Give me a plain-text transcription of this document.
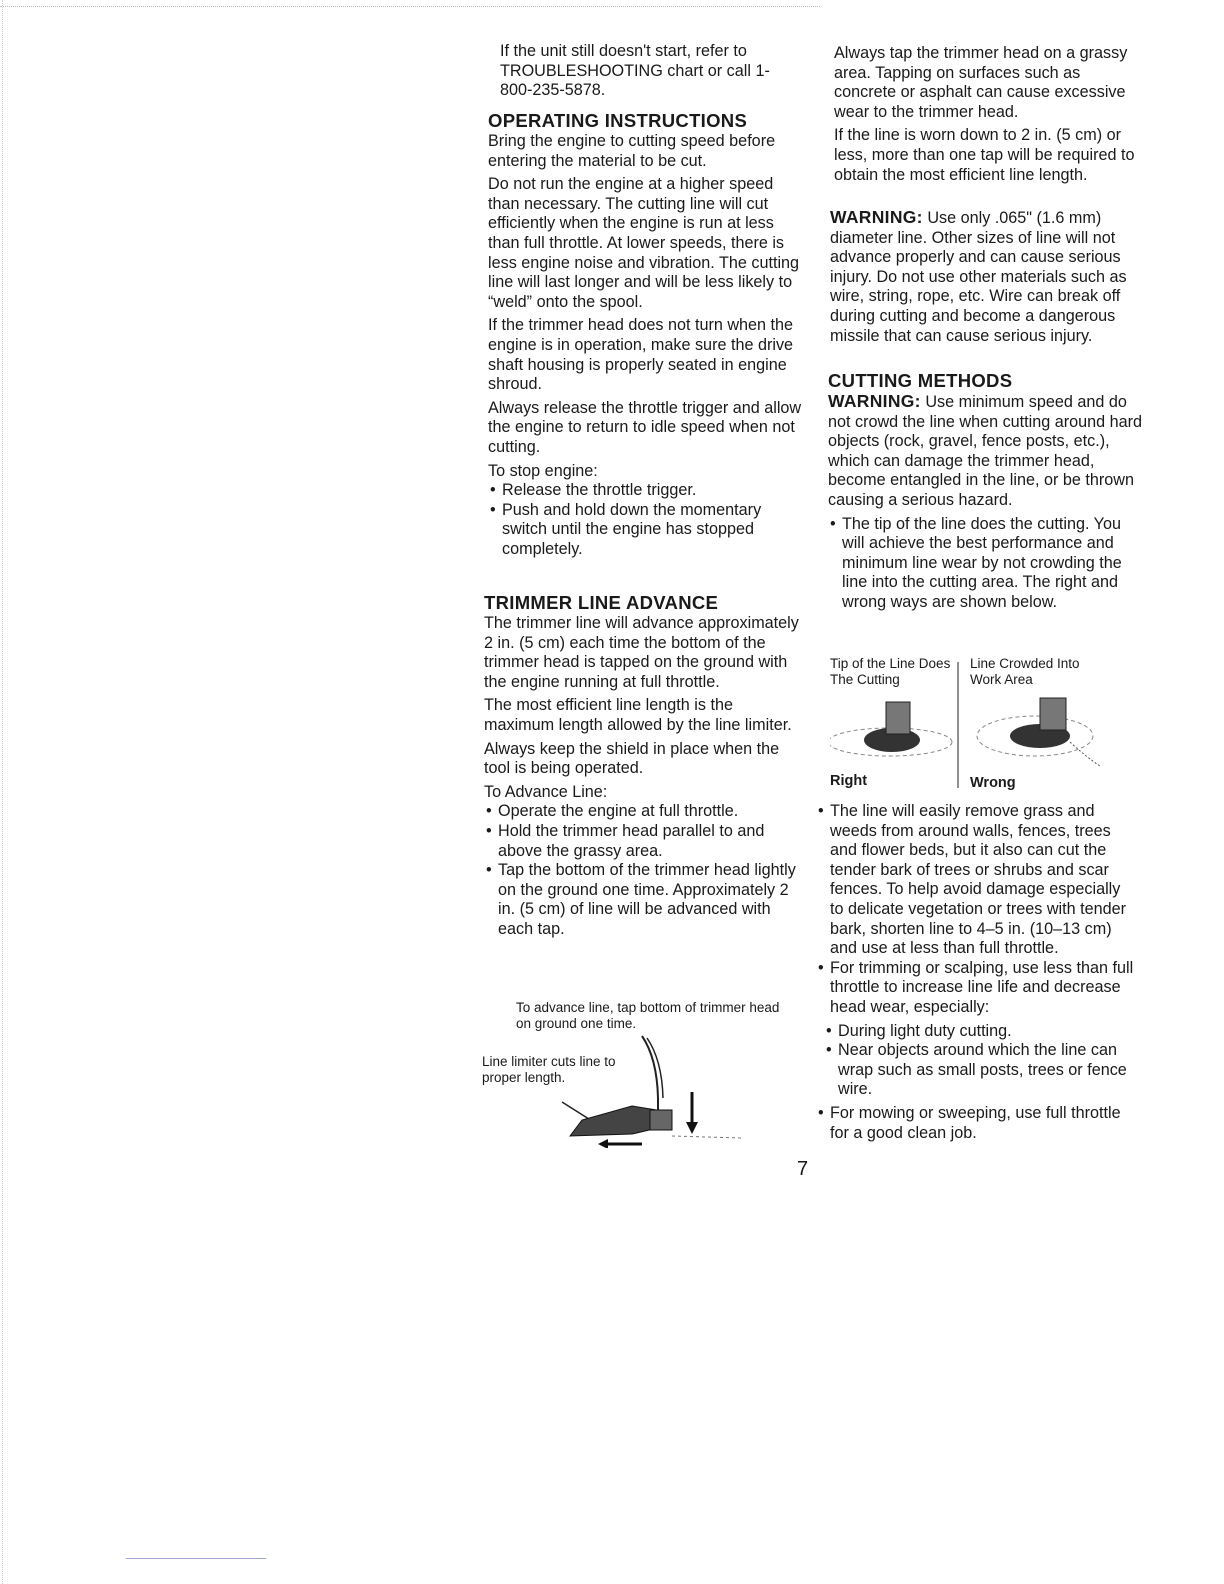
If the unit still doesn't start, refer to TROUBLESHOOTING chart or call 1-800-235-5878.

OPERATING INSTRUCTIONS

Bring the engine to cutting speed before entering the material to be cut.

Do not run the engine at a higher speed than necessary. The cutting line will cut efficiently when the engine is run at less than full throttle. At lower speeds, there is less engine noise and vibration. The cutting line will last longer and will be less likely to “weld” onto the spool.

If the trimmer head does not turn when the engine is in operation, make sure the drive shaft housing is properly seated in engine shroud.

Always release the throttle trigger and allow the engine to return to idle speed when not cutting.

To stop engine:

• Release the throttle trigger.
• Push and hold down the momentary switch until the engine has stopped completely.
TRIMMER LINE ADVANCE

The trimmer line will advance approximately 2 in. (5 cm) each time the bottom of the trimmer head is tapped on the ground with the engine running at full throttle.

The most efficient line length is the maximum length allowed by the line limiter.

Always keep the shield in place when the tool is being operated.

To Advance Line:

• Operate the engine at full throttle.
• Hold the trimmer head parallel to and above the grassy area.
• Tap the bottom of the trimmer head lightly on the ground one time. Approximately 2 in. (5 cm) of line will be advanced with each tap.
To advance line, tap bottom of trimmer head on ground one time.
Line limiter cuts line to proper length.

Always tap the trimmer head on a grassy area. Tapping on surfaces such as concrete or asphalt can cause excessive wear to the trimmer head.

If the line is worn down to 2 in. (5 cm) or less, more than one tap will be required to obtain the most efficient line length.

WARNING: Use only .065" (1.6 mm) diameter line. Other sizes of line will not advance properly and can cause serious injury. Do not use other materials such as wire, string, rope, etc. Wire can break off during cutting and become a dangerous missile that can cause serious injury.

CUTTING METHODS

WARNING: Use minimum speed and do not crowd the line when cutting around hard objects (rock, gravel, fence posts, etc.), which can damage the trimmer head, become entangled in the line, or be thrown causing a serious hazard.

• The tip of the line does the cutting. You will achieve the best performance and minimum line wear by not crowding the line into the cutting area. The right and wrong ways are shown below.
Tip of the Line Does The Cutting
Line Crowded Into Work Area
Right	Wrong
• The line will easily remove grass and weeds from around walls, fences, trees and flower beds, but it also can cut the tender bark of trees or shrubs and scar fences. To help avoid damage especially to delicate vegetation or trees with tender bark, shorten line to 4–5 in. (10–13 cm) and use at less than full throttle.
• For trimming or scalping, use less than full throttle to increase line life and decrease head wear, especially:
• During light duty cutting.
• Near objects around which the line can wrap such as small posts, trees or fence wire.
• For mowing or sweeping, use full throttle for a good clean job.
7
